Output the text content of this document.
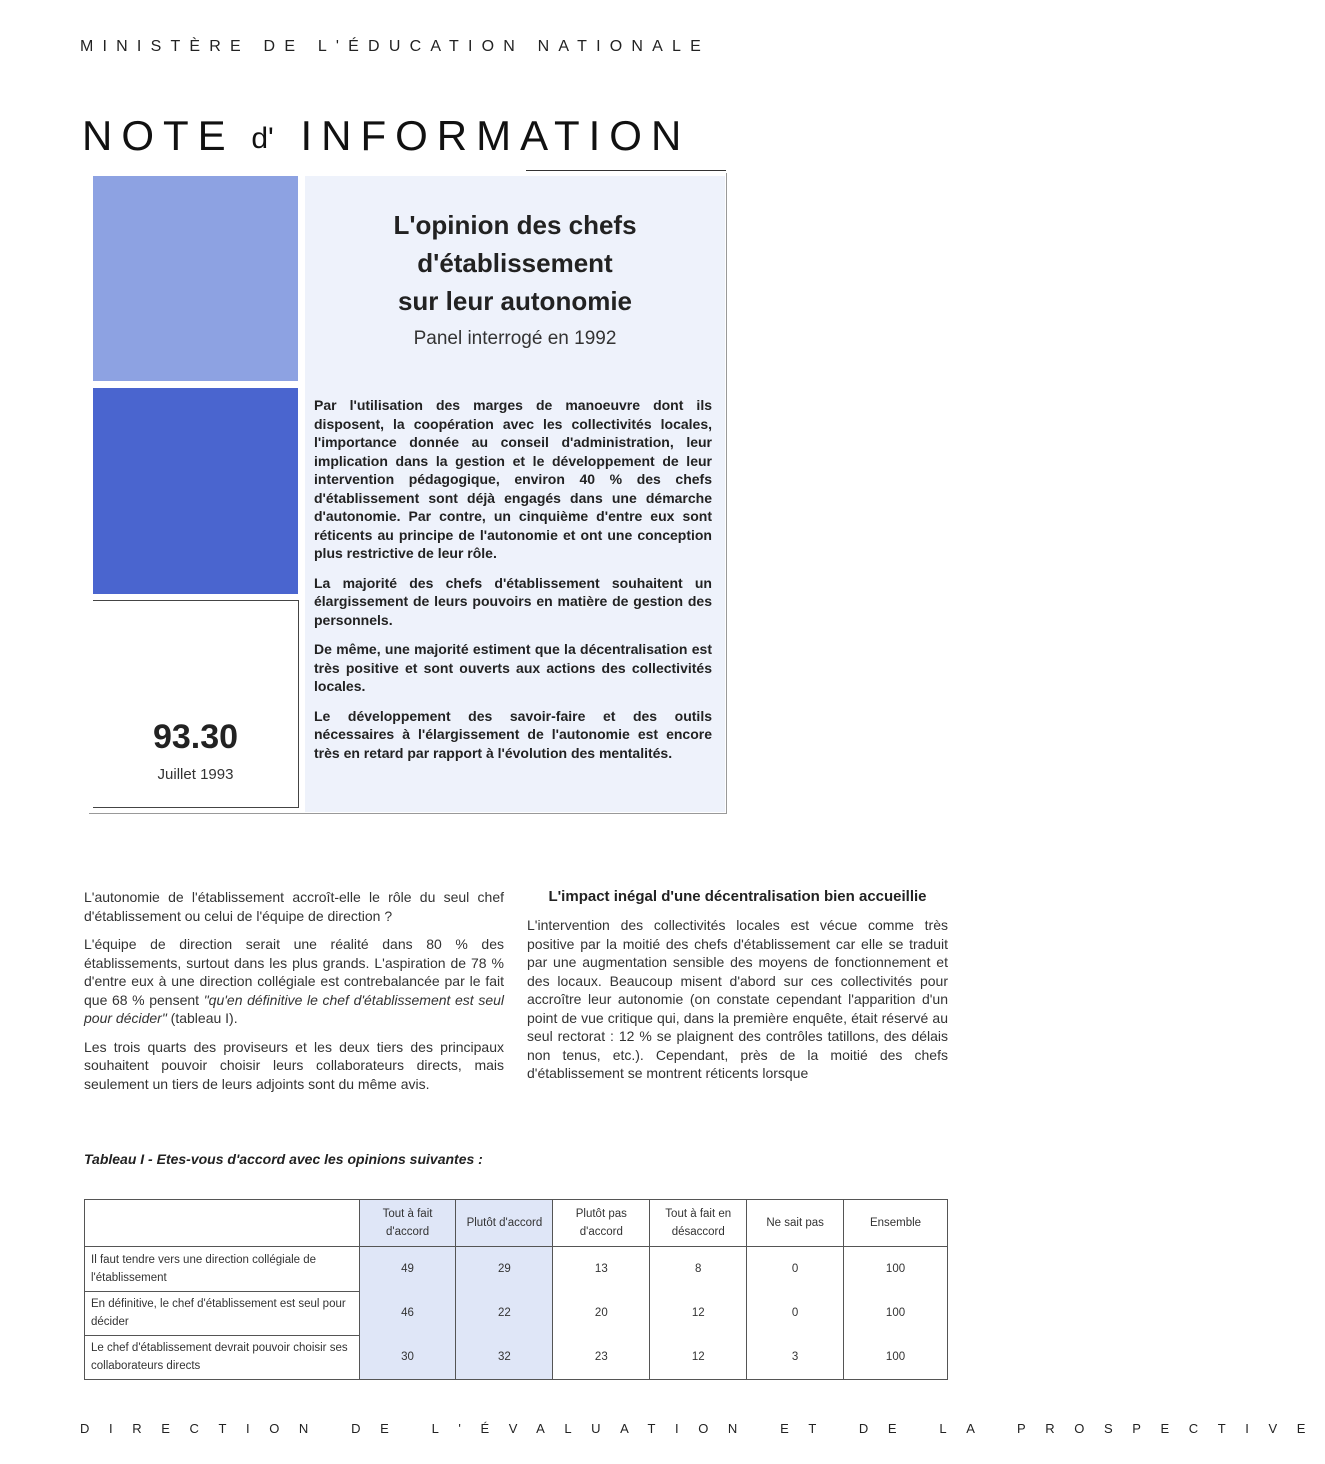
MINISTÈRE DE L'ÉDUCATION NATIONALE
NOTE d' INFORMATION
93.30
Juillet 1993
L'opinion des chefs
d'établissement
sur leur autonomie
Panel interrogé en 1992

Par l'utilisation des marges de manoeuvre dont ils disposent, la coopération avec les collectivités locales, l'importance donnée au conseil d'administration, leur implication dans la gestion et le développement de leur intervention pédagogique, environ 40 % des chefs d'établissement sont déjà engagés dans une démarche d'autonomie. Par contre, un cinquième d'entre eux sont réticents au principe de l'autonomie et ont une conception plus restrictive de leur rôle.

La majorité des chefs d'établissement souhaitent un élargissement de leurs pouvoirs en matière de gestion des personnels.

De même, une majorité estiment que la décentralisation est très positive et sont ouverts aux actions des collectivités locales.

Le développement des savoir-faire et des outils nécessaires à l'élargissement de l'autonomie est encore très en retard par rapport à l'évolution des mentalités.

L'autonomie de l'établissement accroît-elle le rôle du seul chef d'établissement ou celui de l'équipe de direction ?

L'équipe de direction serait une réalité dans 80 % des établissements, surtout dans les plus grands. L'aspiration de 78 % d'entre eux à une direction collégiale est contrebalancée par le fait que 68 % pensent "qu'en définitive le chef d'établissement est seul pour décider" (tableau I).

Les trois quarts des proviseurs et les deux tiers des principaux souhaitent pouvoir choisir leurs collaborateurs directs, mais seulement un tiers de leurs adjoints sont du même avis.

L'impact inégal d'une décentralisation bien accueillie

L'intervention des collectivités locales est vécue comme très positive par la moitié des chefs d'établissement car elle se traduit par une augmentation sensible des moyens de fonctionnement et des locaux. Beaucoup misent d'abord sur ces collectivités pour accroître leur autonomie (on constate cependant l'apparition d'un point de vue critique qui, dans la première enquête, était réservé au seul rectorat : 12 % se plaignent des contrôles tatillons, des délais non tenus, etc.). Cependant, près de la moitié des chefs d'établissement se montrent réticents lorsque

Tableau I - Etes-vous d'accord avec les opinions suivantes :
	Tout à fait d'accord	Plutôt d'accord	Plutôt pas d'accord	Tout à fait en désaccord	Ne sait pas	Ensemble
Il faut tendre vers une direction collégiale de l'établissement	49	29	13	8	0	100
En définitive, le chef d'établissement est seul pour décider	46	22	20	12	0	100
Le chef d'établissement devrait pouvoir choisir ses collaborateurs directs	30	32	23	12	3	100
DIRECTION DE L'ÉVALUATION ET DE LA PROSPECTIVE
